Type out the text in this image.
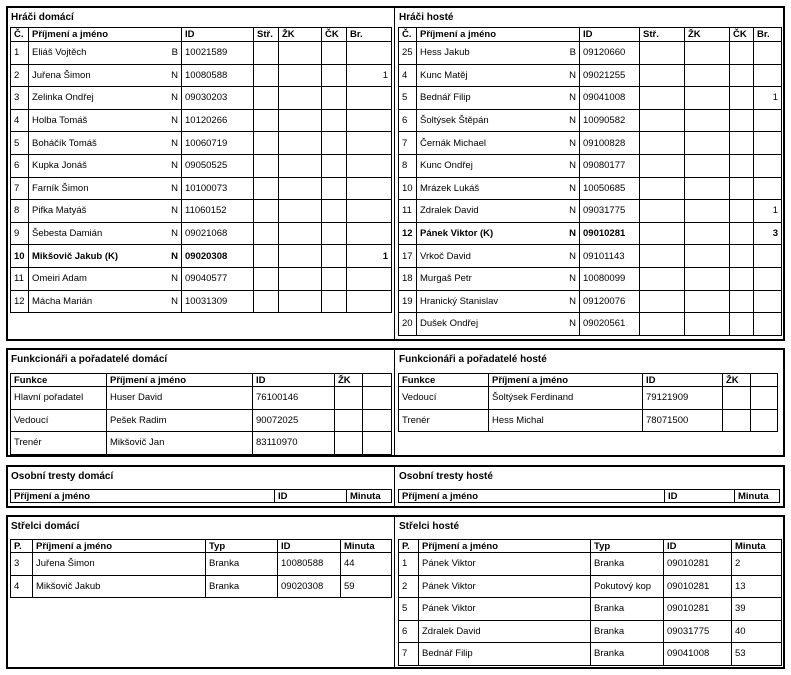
Hráči domácí
Č.	Příjmení a jméno	ID	Stř.	ŽK	ČK	Br.
1	Eliáš Vojtěch B	10021589				
2	Juřena Šimon N	10080588				1
3	Zelinka Ondřej N	09030203				
4	Holba Tomáš N	10120266				
5	Boháčík Tomáš N	10060719				
6	Kupka Jonáš N	09050525				
7	Farník Šimon N	10100073				
8	Pifka Matyáš N	11060152				
9	Šebesta Damián N	09021068				
10	Mikšovič Jakub (K) N	09020308				1
11	Omeiri Adam N	09040577				
12	Mácha Marián N	10031309				
Hráči hosté
Č.	Příjmení a jméno	ID	Stř.	ŽK	ČK	Br.
25	Hess Jakub B	09120660				
4	Kunc Matěj N	09021255				
5	Bednář Filip N	09041008				1
6	Šoltýsek Štěpán N	10090582				
7	Černák Michael N	09100828				
8	Kunc Ondřej N	09080177				
10	Mrázek Lukáš N	10050685				
11	Zdralek David N	09031775				1
12	Pánek Viktor (K) N	09010281				3
17	Vrkoč David N	09101143				
18	Murgaš Petr N	10080099				
19	Hranický Stanislav N	09120076				
20	Dušek Ondřej N	09020561				
Funkcionáři a pořadatelé domácí
Funkce	Příjmení a jméno	ID	ŽK	
Hlavní pořadatel	Huser David	76100146		
Vedoucí	Pešek Radim	90072025		
Trenér	Mikšovič Jan	83110970		
Funkcionáři a pořadatelé hosté
Funkce	Příjmení a jméno	ID	ŽK	
Vedoucí	Šoltýsek Ferdinand	79121909		
Trenér	Hess Michal	78071500		
Osobní tresty domácí
Příjmení a jméno	ID	Minuta
Osobní tresty hosté
Příjmení a jméno	ID	Minuta
Střelci domácí
P.	Příjmení a jméno	Typ	ID	Minuta
3	Juřena Šimon	Branka	10080588	44
4	Mikšovič Jakub	Branka	09020308	59
Střelci hosté
P.	Příjmení a jméno	Typ	ID	Minuta
1	Pánek Viktor	Branka	09010281	2
2	Pánek Viktor	Pokutový kop	09010281	13
5	Pánek Viktor	Branka	09010281	39
6	Zdralek David	Branka	09031775	40
7	Bednář Filip	Branka	09041008	53
